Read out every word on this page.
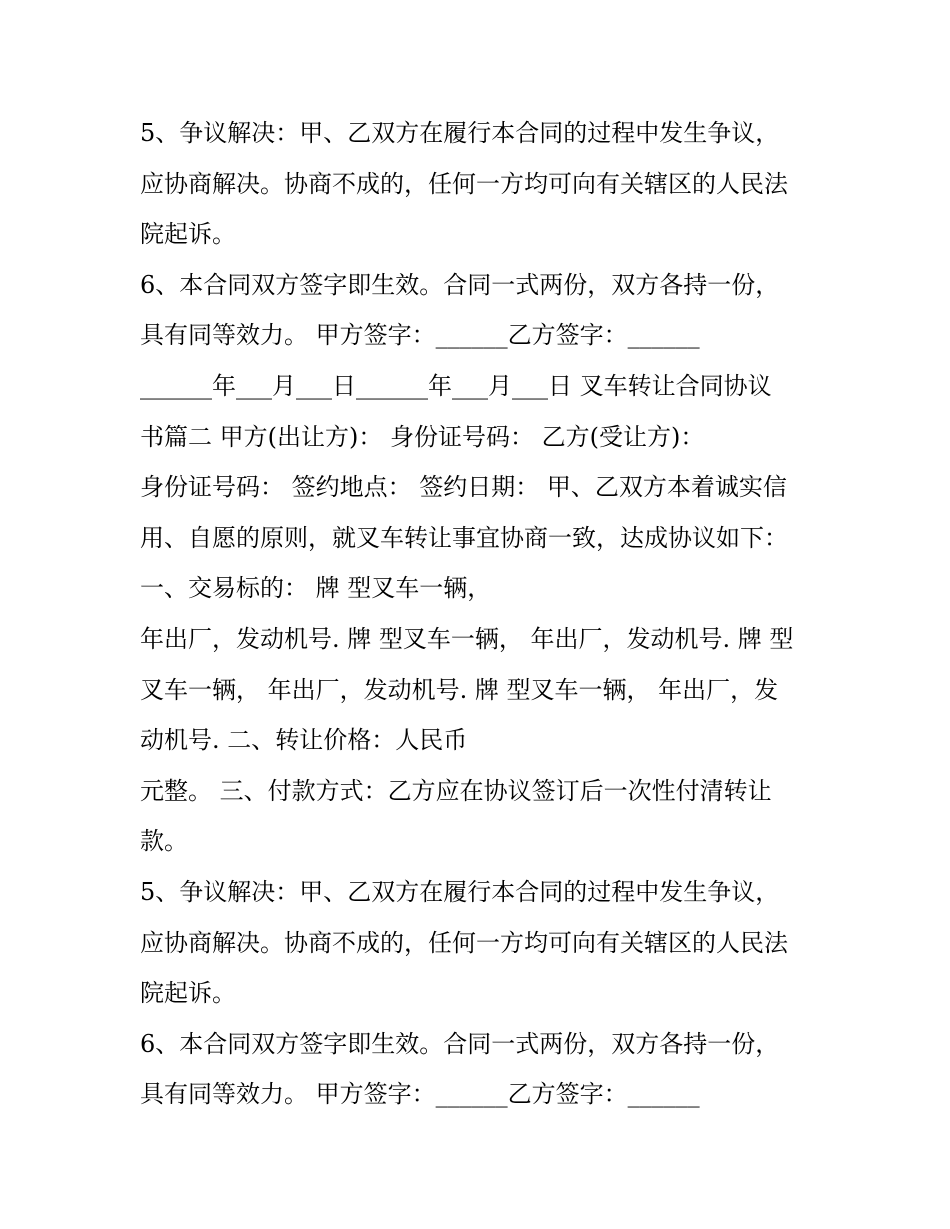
5、争议解决：甲、乙双方在履行本合同的过程中发生争议，
应协商解决。协商不成的，任何一方均可向有关辖区的人民法
院起诉。
6、本合同双方签字即生效。合同一式两份，双方各持一份，
具有同等效力。 甲方签字：______乙方签字：______
______年___月___日______年___月___日 叉车转让合同协议
书篇二 甲方(出让方)： 身份证号码： 乙方(受让方)：
身份证号码： 签约地点： 签约日期： 甲、乙双方本着诚实信
用、自愿的原则，就叉车转让事宜协商一致，达成协议如下：
一、交易标的： 牌 型叉车一辆，
年出厂，发动机号. 牌 型叉车一辆， 年出厂，发动机号. 牌 型
叉车一辆， 年出厂，发动机号. 牌 型叉车一辆， 年出厂，发
动机号. 二、转让价格：人民币
元整。 三、付款方式：乙方应在协议签订后一次性付清转让
款。
5、争议解决：甲、乙双方在履行本合同的过程中发生争议，
应协商解决。协商不成的，任何一方均可向有关辖区的人民法
院起诉。
6、本合同双方签字即生效。合同一式两份，双方各持一份，
具有同等效力。 甲方签字：______乙方签字：______
